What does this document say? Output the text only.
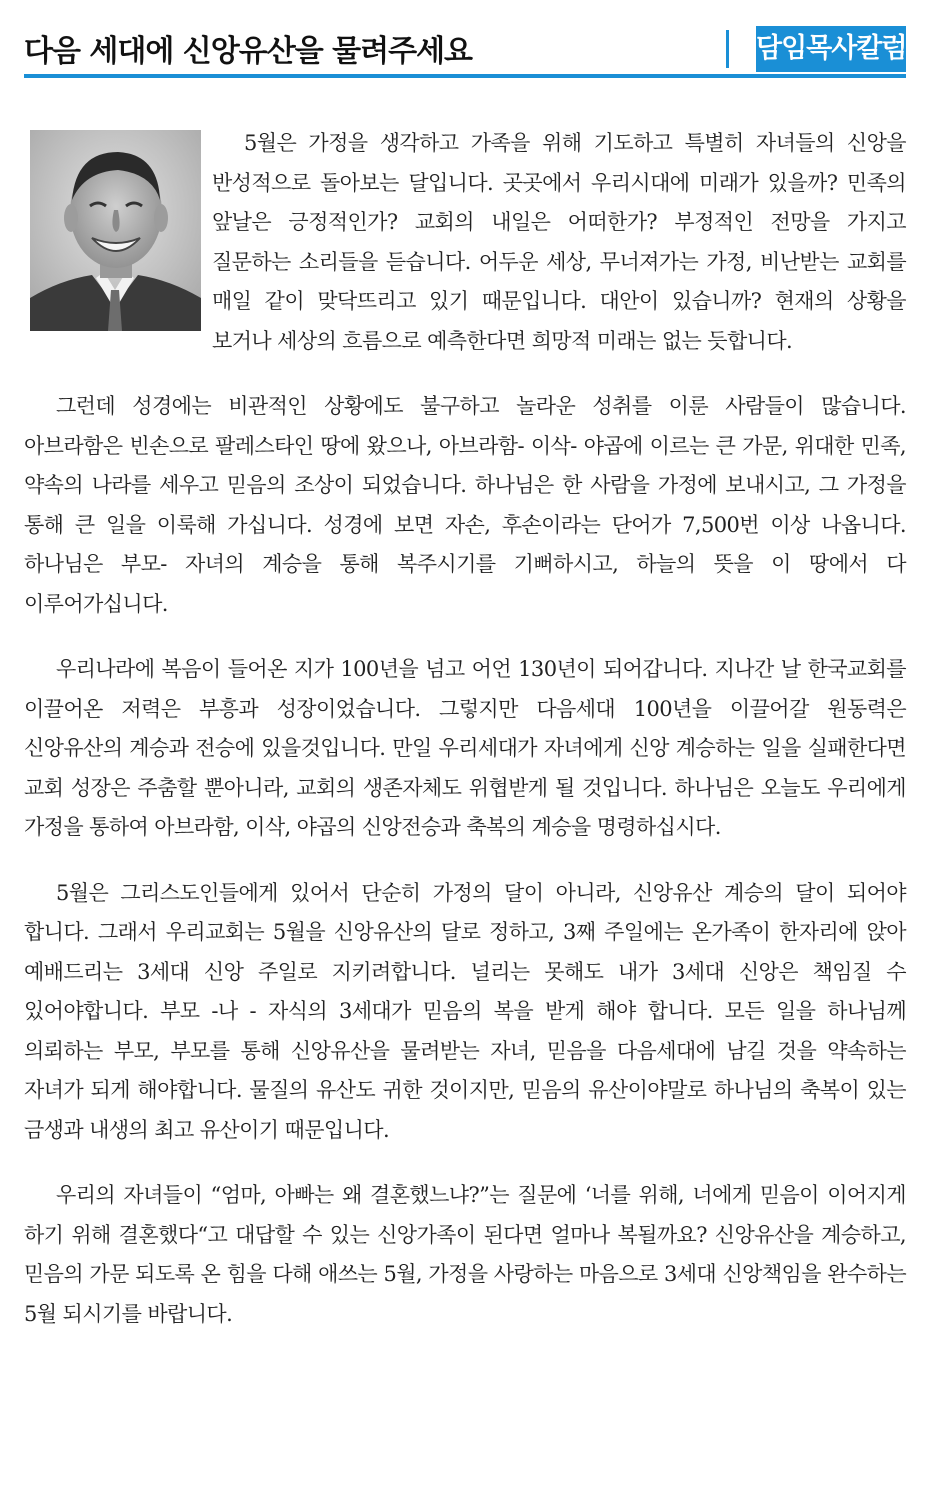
다음 세대에 신앙유산을 물려주세요	담임목사칼럼

5월은 가정을 생각하고 가족을 위해 기도하고 특별히 자녀들의 신앙을 반성적으로 돌아보는 달입니다. 곳곳에서 우리시대에 미래가 있을까? 민족의 앞날은 긍정적인가? 교회의 내일은 어떠한가? 부정적인 전망을 가지고 질문하는 소리들을 듣습니다. 어두운 세상, 무너져가는 가정, 비난받는 교회를 매일 같이 맞닥뜨리고 있기 때문입니다. 대안이 있습니까? 현재의 상황을 보거나 세상의 흐름으로 예측한다면 희망적 미래는 없는 듯합니다.

그런데 성경에는 비관적인 상황에도 불구하고 놀라운 성취를 이룬 사람들이 많습니다. 아브라함은 빈손으로 팔레스타인 땅에 왔으나, 아브라함- 이삭- 야곱에 이르는 큰 가문, 위대한 민족, 약속의 나라를 세우고 믿음의 조상이 되었습니다. 하나님은 한 사람을 가정에 보내시고, 그 가정을 통해 큰 일을 이룩해 가십니다. 성경에 보면 자손, 후손이라는 단어가 7,500번 이상 나옵니다. 하나님은 부모- 자녀의 계승을 통해 복주시기를 기뻐하시고, 하늘의 뜻을 이 땅에서 다 이루어가십니다.

우리나라에 복음이 들어온 지가 100년을 넘고 어언 130년이 되어갑니다. 지나간 날 한국교회를 이끌어온 저력은 부흥과 성장이었습니다. 그렇지만 다음세대 100년을 이끌어갈 원동력은 신앙유산의 계승과 전승에 있을것입니다. 만일 우리세대가 자녀에게 신앙 계승하는 일을 실패한다면 교회 성장은 주춤할 뿐아니라, 교회의 생존자체도 위협받게 될 것입니다. 하나님은 오늘도 우리에게 가정을 통하여 아브라함, 이삭, 야곱의 신앙전승과 축복의 계승을 명령하십시다.

5월은 그리스도인들에게 있어서 단순히 가정의 달이 아니라, 신앙유산 계승의 달이 되어야 합니다. 그래서 우리교회는 5월을 신앙유산의 달로 정하고, 3째 주일에는 온가족이 한자리에 앉아 예배드리는 3세대 신앙 주일로 지키려합니다. 널리는 못해도 내가 3세대 신앙은 책임질 수 있어야합니다. 부모 -나 - 자식의 3세대가 믿음의 복을 받게 해야 합니다. 모든 일을 하나님께 의뢰하는 부모, 부모를 통해 신앙유산을 물려받는 자녀, 믿음을 다음세대에 남길 것을 약속하는 자녀가 되게 해야합니다. 물질의 유산도 귀한 것이지만, 믿음의 유산이야말로 하나님의 축복이 있는 금생과 내생의 최고 유산이기 때문입니다.

우리의 자녀들이 “엄마, 아빠는 왜 결혼했느냐?”는 질문에 ‘너를 위해, 너에게 믿음이 이어지게 하기 위해 결혼했다“고 대답할 수 있는 신앙가족이 된다면 얼마나 복될까요? 신앙유산을 계승하고, 믿음의 가문 되도록 온 힘을 다해 애쓰는 5월, 가정을 사랑하는 마음으로 3세대 신앙책임을 완수하는 5월 되시기를 바랍니다.
